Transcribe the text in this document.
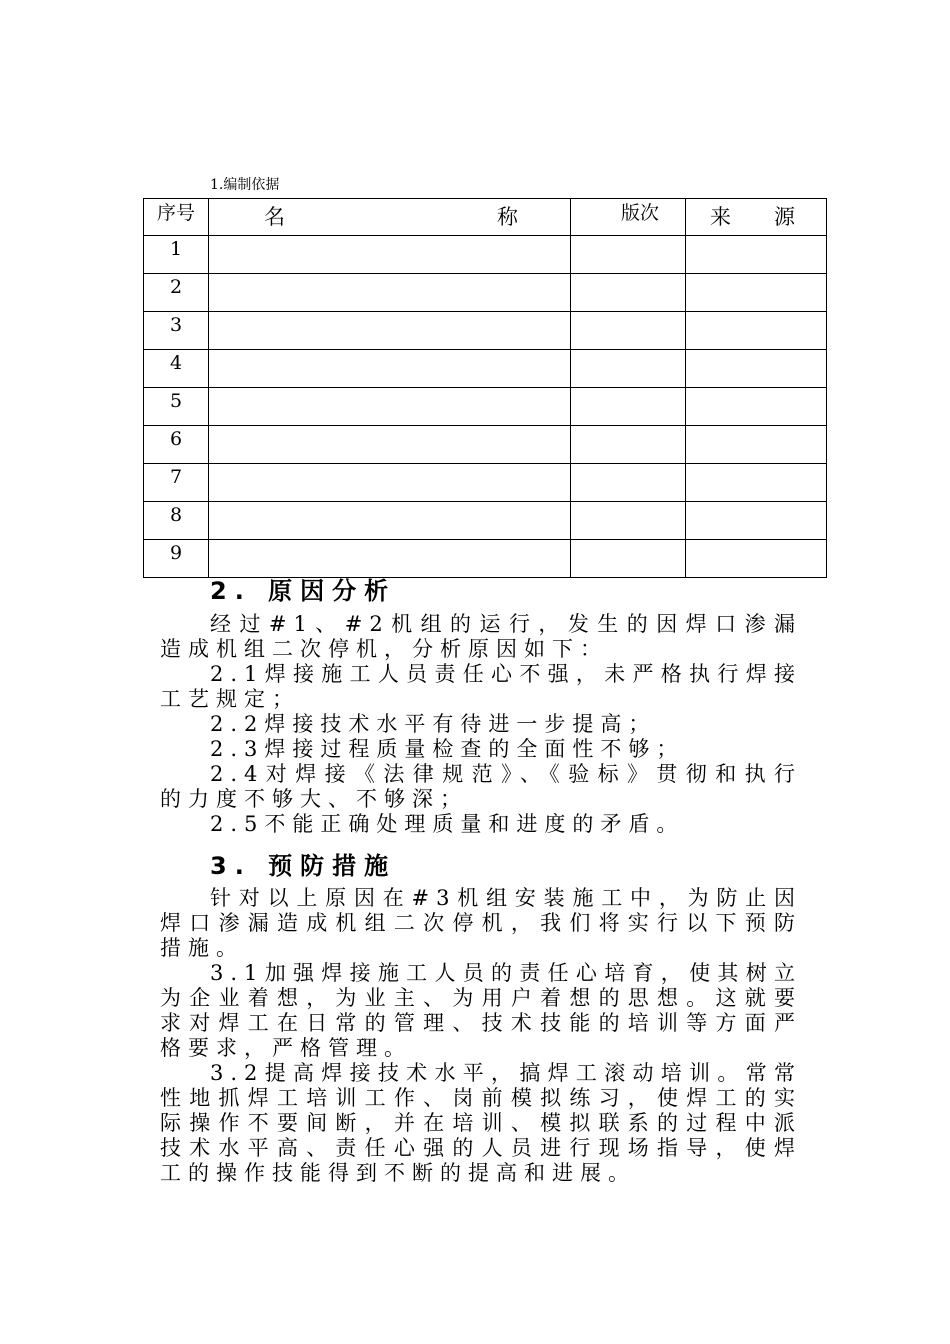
1.编制依据
序号	名 称	版次	来 源

1			
2			
3			
4			
5			
6			
7			
8			
9			
2. 原因分析

经过#1、#2机组的运行，发生的因焊口渗漏造成机组二次停机，分析原因如下：

2.1焊接施工人员责任心不强，未严格执行焊接工艺规定；

2.2焊接技术水平有待进一步提高；

2.3焊接过程质量检查的全面性不够；

2.4对焊接《法律规范》、《验标》贯彻和执行的力度不够大、不够深；

2.5不能正确处理质量和进度的矛盾。

3. 预防措施

针对以上原因在#3机组安装施工中，为防止因焊口渗漏造成机组二次停机，我们将实行以下预防措施。

3.1加强焊接施工人员的责任心培育，使其树立为企业着想，为业主、为用户着想的思想。这就要求对焊工在日常的管理、技术技能的培训等方面严格要求，严格管理。

3.2提高焊接技术水平，搞焊工滚动培训。常常性地抓焊工培训工作、岗前模拟练习，使焊工的实际操作不要间断，并在培训、模拟联系的过程中派技术水平高、责任心强的人员进行现场指导，使焊工的操作技能得到不断的提高和进展。
